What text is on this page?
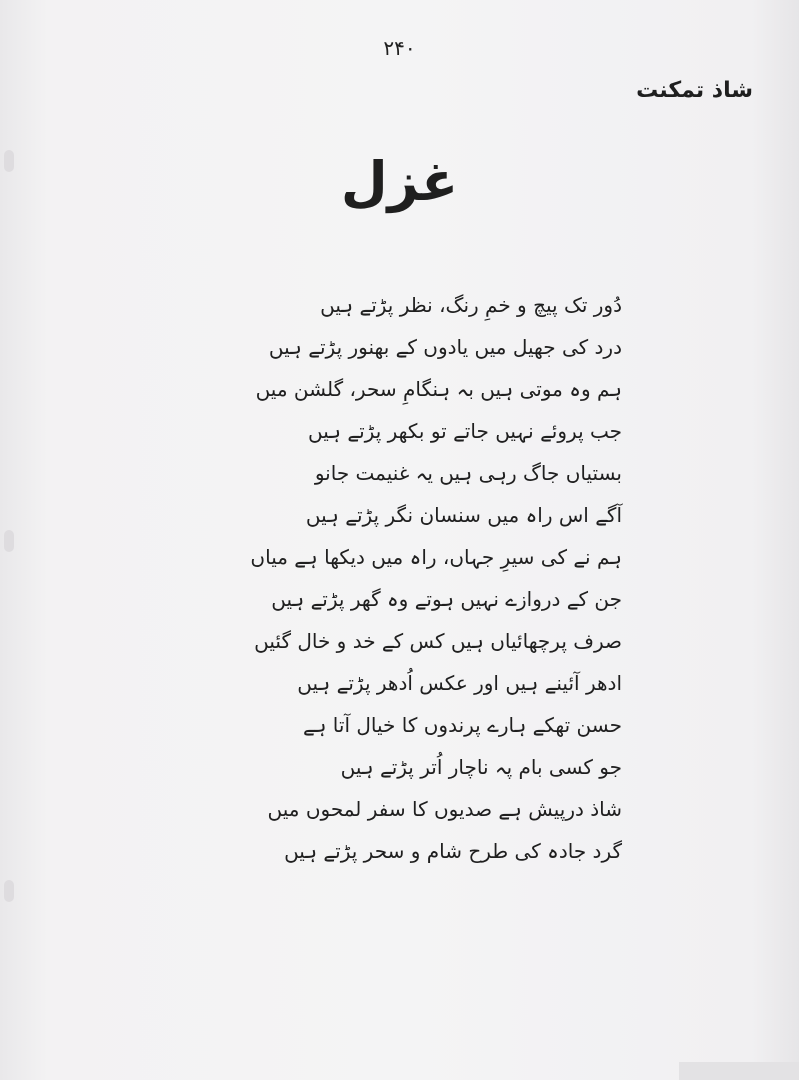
۲۴۰
شاذ تمکنت
غزل
دُور تک پیچ و خمِ رنگ، نظر پڑتے ہیں
درد کی جھیل میں یادوں کے بھنور پڑتے ہیں
ہم وہ موتی ہیں بہ ہنگامِ سحر، گلشن میں
جب پروئے نہیں جاتے تو بکھر پڑتے ہیں
بستیاں جاگ رہی ہیں یہ غنیمت جانو
آگے اس راہ میں سنسان نگر پڑتے ہیں
ہم نے کی سیرِ جہاں، راہ میں دیکھا ہے میاں
جن کے دروازے نہیں ہوتے وہ گھر پڑتے ہیں
صرف پرچھائیاں ہیں کس کے خد و خال گئیں
ادھر آئینے ہیں اور عکس اُدھر پڑتے ہیں
حسن تھکے ہارے پرندوں کا خیال آتا ہے
جو کسی بام پہ ناچار اُتر پڑتے ہیں
شاذ درپیش ہے صدیوں کا سفر لمحوں میں
گرد جادہ کی طرح شام و سحر پڑتے ہیں
